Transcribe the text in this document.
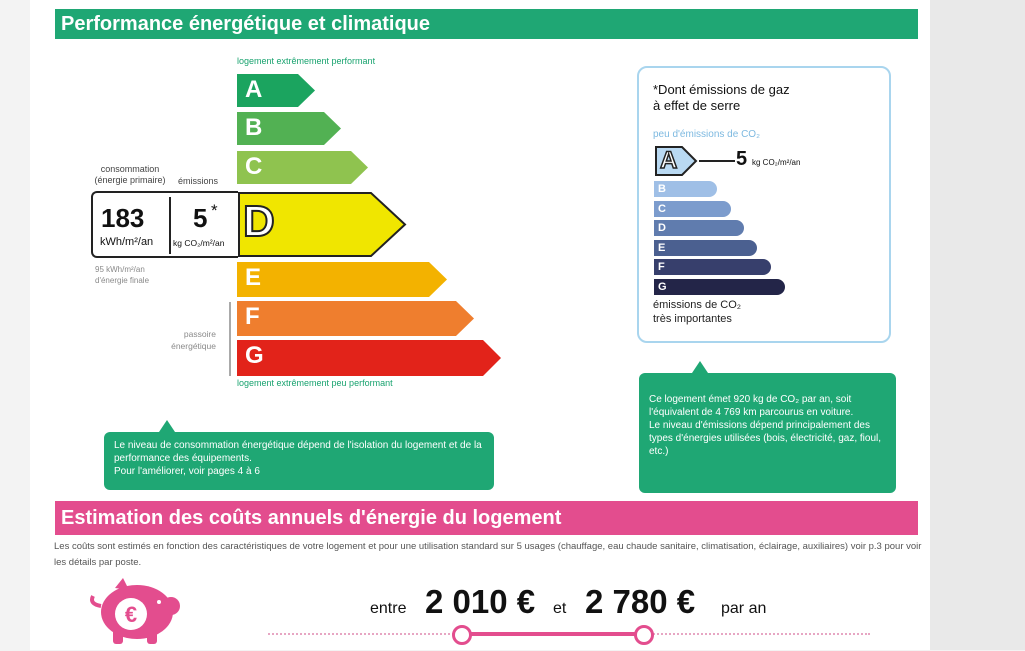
Performance énergétique et climatique
logement extrêmement performant
A
B
C
D
E
F
G
logement extrêmement peu performant
consommation
(énergie primaire) émissions
183
kWh/m²/an
5 *
kg CO₂/m²/an
95 kWh/m²/an
d'énergie finale
passoire
énergétique
Le niveau de consommation énergétique dépend de l'isolation du logement et de la performance des équipements.
Pour l'améliorer, voir pages 4 à 6
*Dont émissions de gaz
à effet de serre
peu d'émissions de CO₂
A	5 kg CO₂/m²/an
B
C
D
E
F
G
émissions de CO₂
très importantes

Ce logement émet 920 kg de CO₂ par an, soit l'équivalent de 4 769 km parcourus en voiture.
Le niveau d'émissions dépend principalement des types d'énergies utilisées (bois, électricité, gaz, fioul, etc.)

Estimation des coûts annuels d'énergie du logement
Les coûts sont estimés en fonction des caractéristiques de votre logement et pour une utilisation standard sur 5 usages (chauffage, eau chaude sanitaire, climatisation, éclairage, auxiliaires) voir p.3 pour voir les détails par poste.
€	entre 2 010 € et 2 780 € par an
